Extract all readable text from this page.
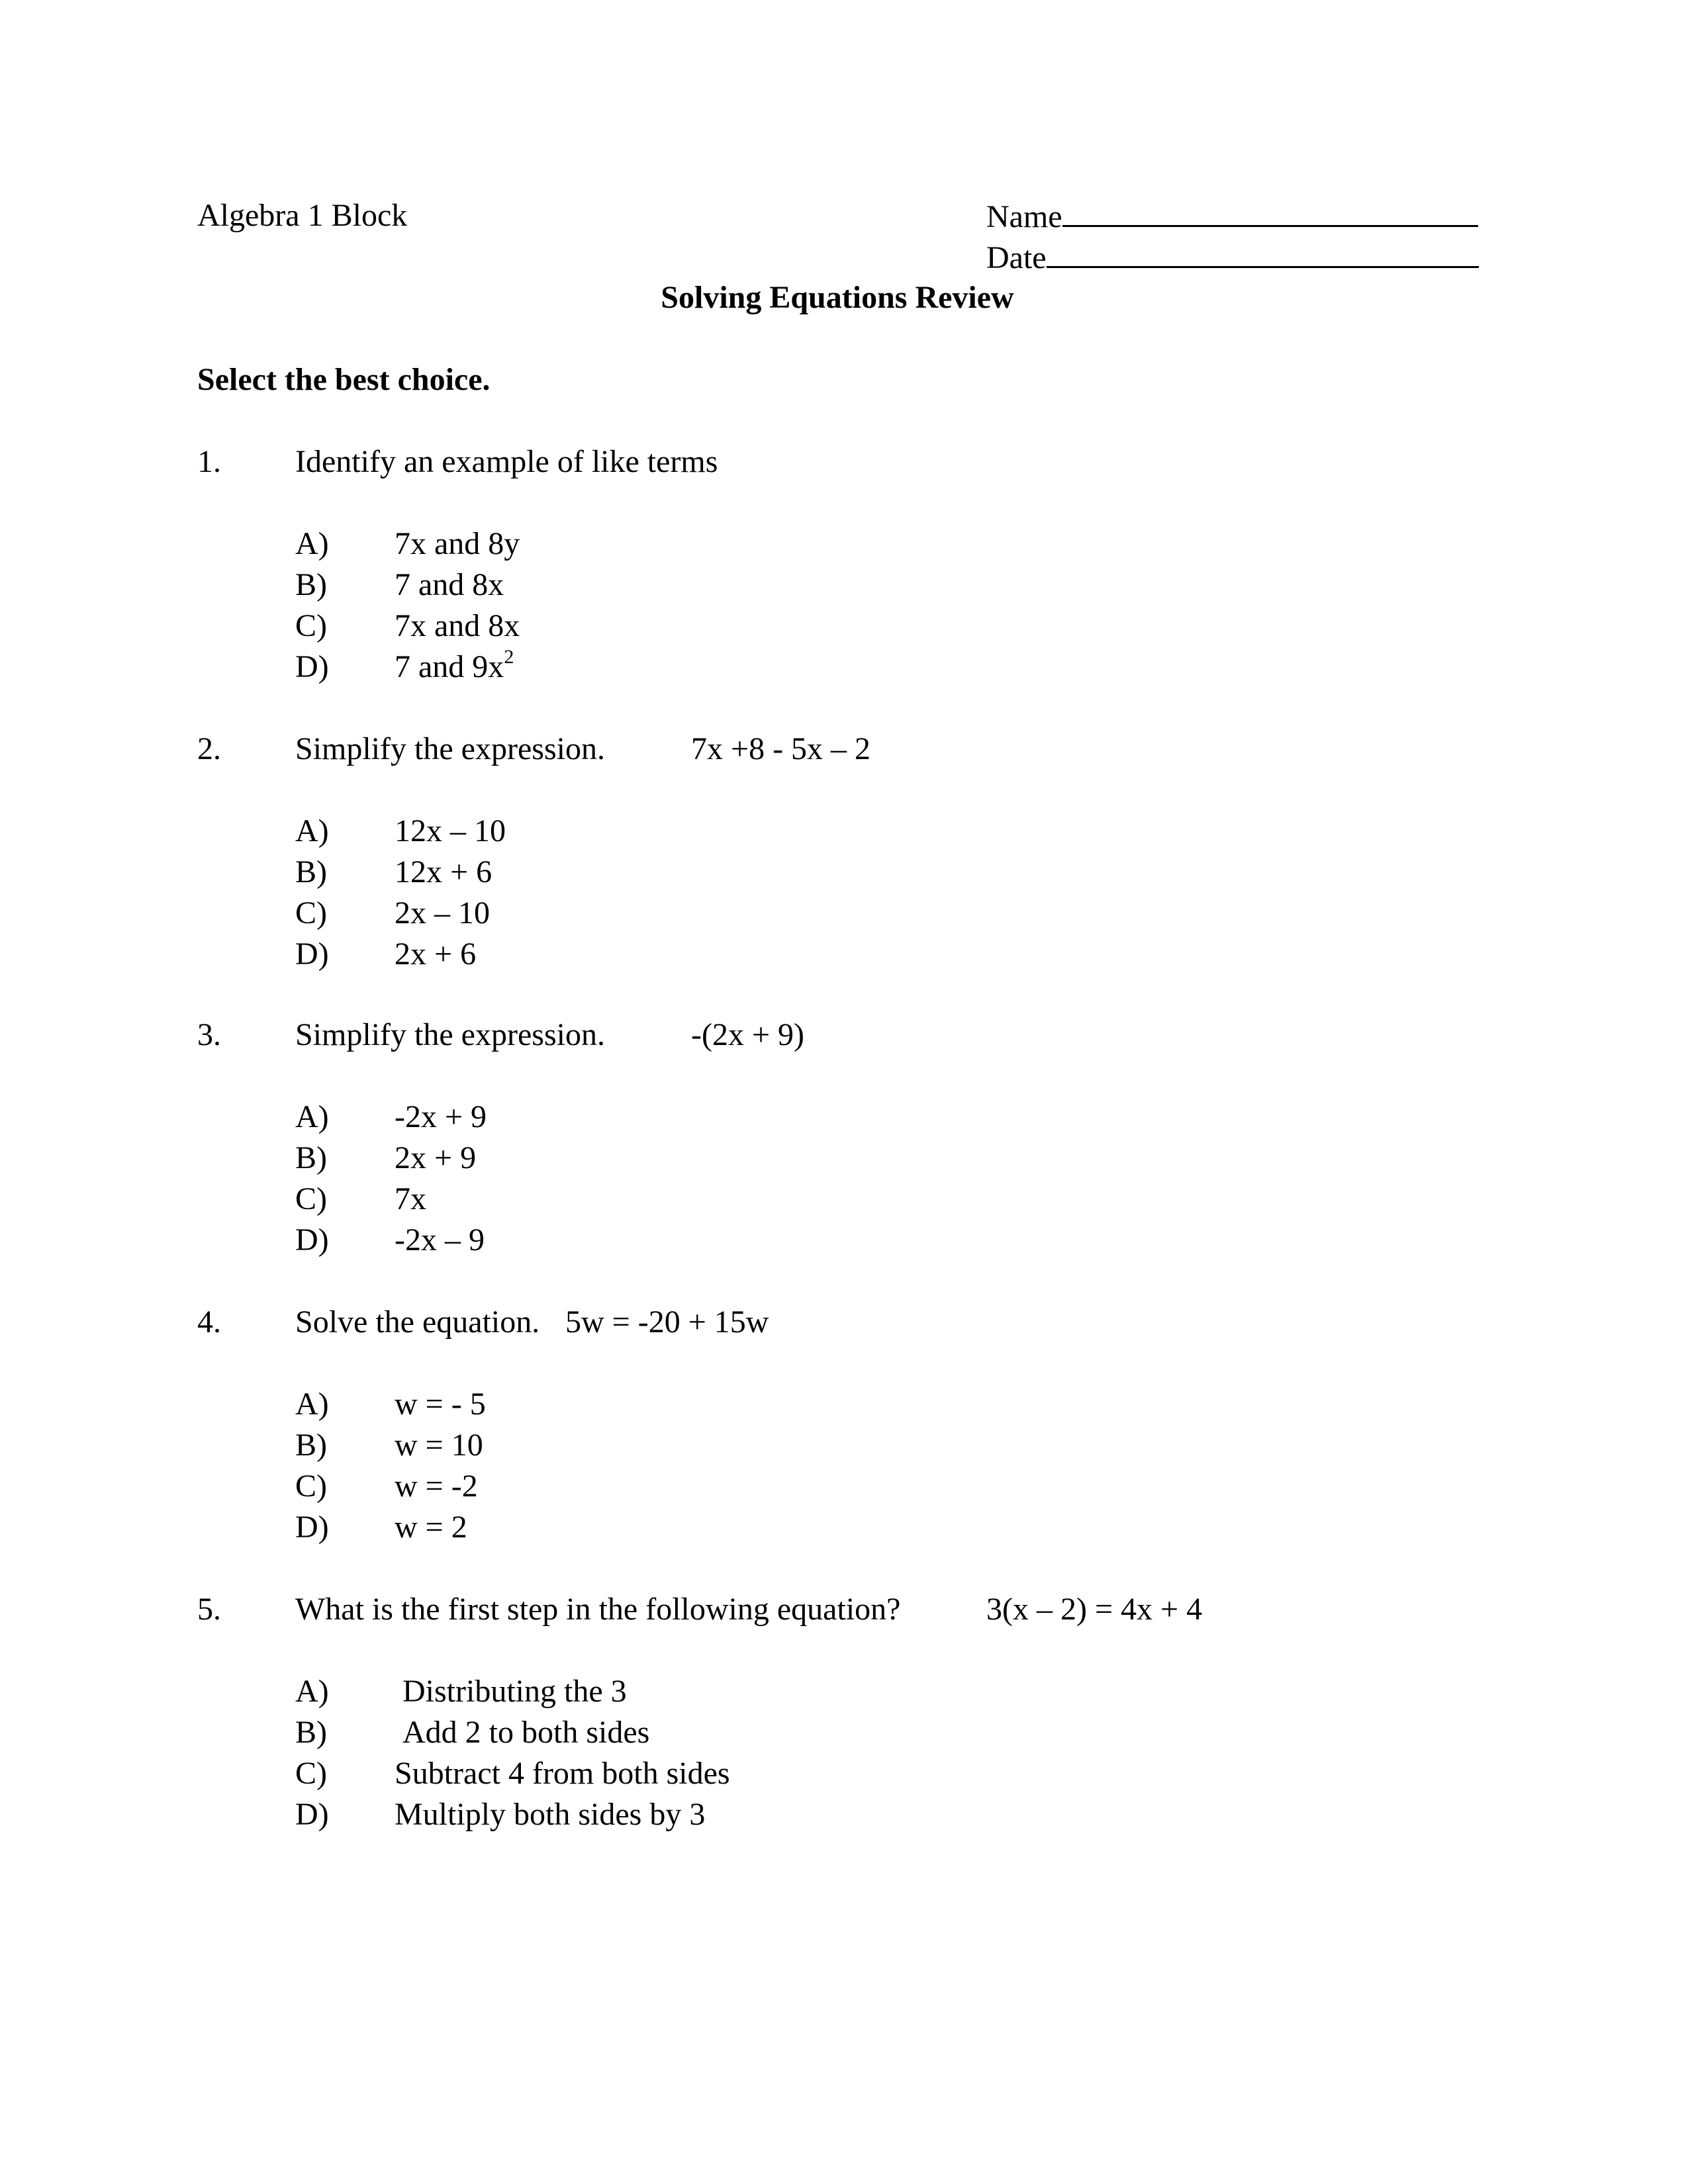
Algebra 1 Block	Name
Date
Solving Equations Review
Select the best choice.
1. Identify an example of like terms
A) 7x and 8y
B) 7 and 8x
C) 7x and 8x
D) 7 and $9x^2$
2. Simplify the expression.	7x +8 - 5x – 2
A) 12x – 10
B) 12x + 6
C) 2x – 10
D) 2x + 6
3. Simplify the expression.	-(2x + 9)
A) -2x + 9
B) 2x + 9
C) 7x
D) -2x – 9
4. Solve the equation. 5w = -20 + 15w
A) w = - 5
B) w = 10
C) w = -2
D) w = 2
5. What is the first step in the following equation?	3(x – 2) = 4x + 4
A) Distributing the 3
B) Add 2 to both sides
C) Subtract 4 from both sides
D) Multiply both sides by 3
